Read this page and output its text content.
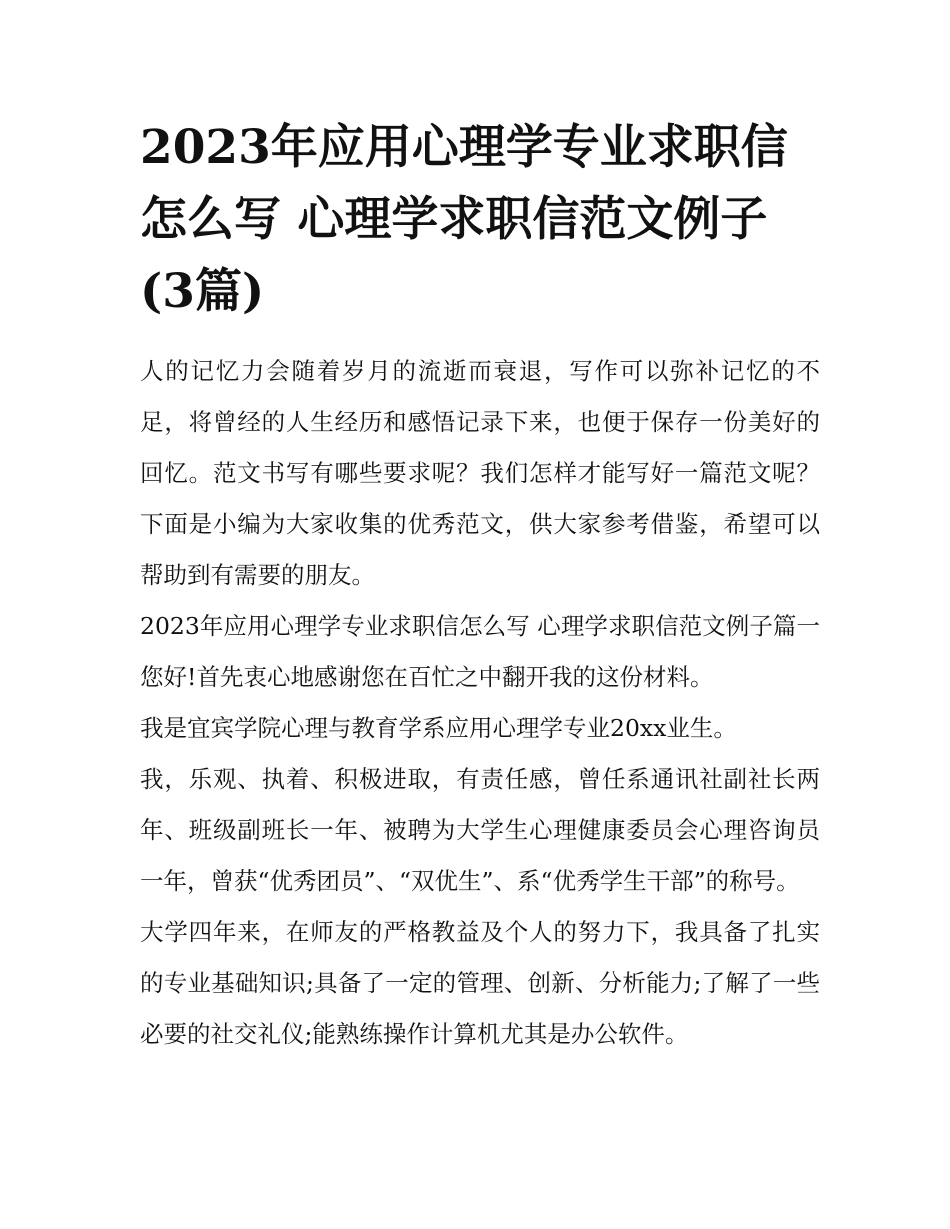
2023年应用心理学专业求职信怎么写 心理学求职信范文例子(3篇)

人的记忆力会随着岁月的流逝而衰退，写作可以弥补记忆的不足，将曾经的人生经历和感悟记录下来，也便于保存一份美好的回忆。范文书写有哪些要求呢？我们怎样才能写好一篇范文呢？下面是小编为大家收集的优秀范文，供大家参考借鉴，希望可以帮助到有需要的朋友。

2023年应用心理学专业求职信怎么写 心理学求职信范文例子篇一 您好!首先衷心地感谢您在百忙之中翻开我的这份材料。

我是宜宾学院心理与教育学系应用心理学专业20xx业生。

我，乐观、执着、积极进取，有责任感，曾任系通讯社副社长两年、班级副班长一年、被聘为大学生心理健康委员会心理咨询员一年，曾获“优秀团员”、“双优生”、系“优秀学生干部”的称号。

大学四年来，在师友的严格教益及个人的努力下，我具备了扎实的专业基础知识;具备了一定的管理、创新、分析能力;了解了一些必要的社交礼仪;能熟练操作计算机尤其是办公软件。
